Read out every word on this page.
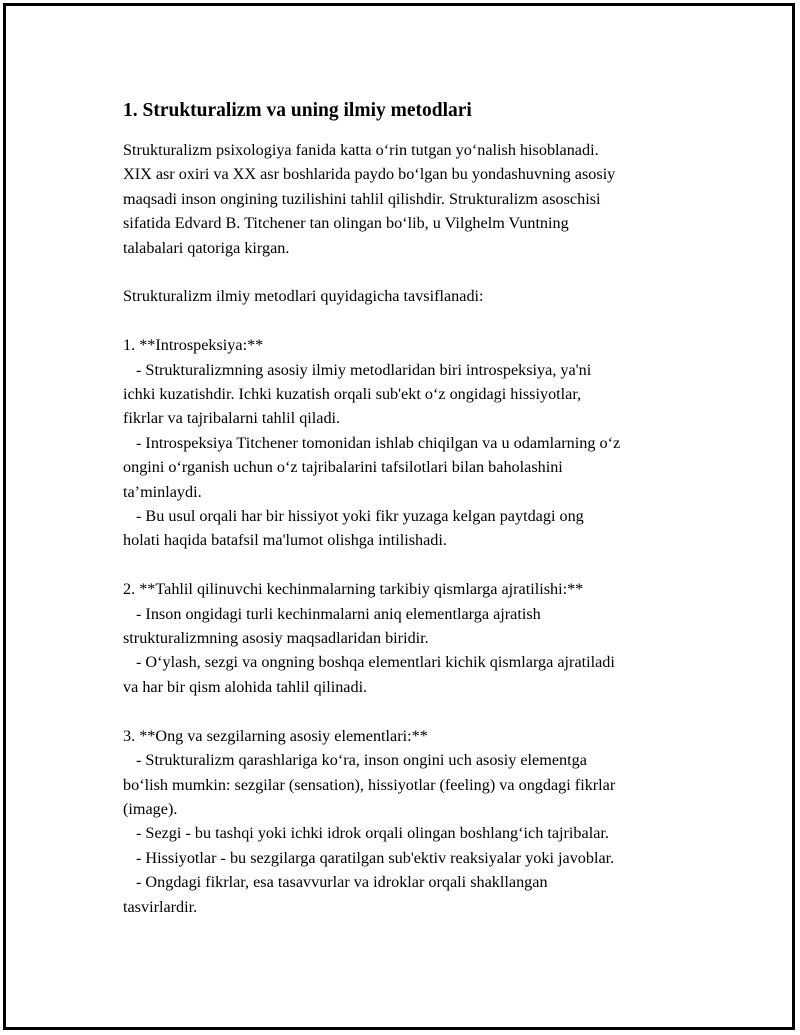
1. Strukturalizm va uning ilmiy metodlari
Strukturalizm psixologiya fanida katta o‘rin tutgan yo‘nalish hisoblanadi.
XIX asr oxiri va XX asr boshlarida paydo bo‘lgan bu yondashuvning asosiy
maqsadi inson ongining tuzilishini tahlil qilishdir. Strukturalizm asoschisi
sifatida Edvard B. Titchener tan olingan bo‘lib, u Vilghelm Vuntning
talabalari qatoriga kirgan.
Strukturalizm ilmiy metodlari quyidagicha tavsiflanadi:
1. **Introspeksiya:**
- Strukturalizmning asosiy ilmiy metodlaridan biri introspeksiya, ya'ni
ichki kuzatishdir. Ichki kuzatish orqali sub'ekt o‘z ongidagi hissiyotlar,
fikrlar va tajribalarni tahlil qiladi.
- Introspeksiya Titchener tomonidan ishlab chiqilgan va u odamlarning o‘z
ongini o‘rganish uchun o‘z tajribalarini tafsilotlari bilan baholashini
ta’minlaydi.
- Bu usul orqali har bir hissiyot yoki fikr yuzaga kelgan paytdagi ong
holati haqida batafsil ma'lumot olishga intilishadi.
2. **Tahlil qilinuvchi kechinmalarning tarkibiy qismlarga ajratilishi:**
- Inson ongidagi turli kechinmalarni aniq elementlarga ajratish
strukturalizmning asosiy maqsadlaridan biridir.
- O‘ylash, sezgi va ongning boshqa elementlari kichik qismlarga ajratiladi
va har bir qism alohida tahlil qilinadi.
3. **Ong va sezgilarning asosiy elementlari:**
- Strukturalizm qarashlariga ko‘ra, inson ongini uch asosiy elementga
bo‘lish mumkin: sezgilar (sensation), hissiyotlar (feeling) va ongdagi fikrlar
(image).
- Sezgi - bu tashqi yoki ichki idrok orqali olingan boshlang‘ich tajribalar.
- Hissiyotlar - bu sezgilarga qaratilgan sub'ektiv reaksiyalar yoki javoblar.
- Ongdagi fikrlar, esa tasavvurlar va idroklar orqali shakllangan
tasvirlardir.
